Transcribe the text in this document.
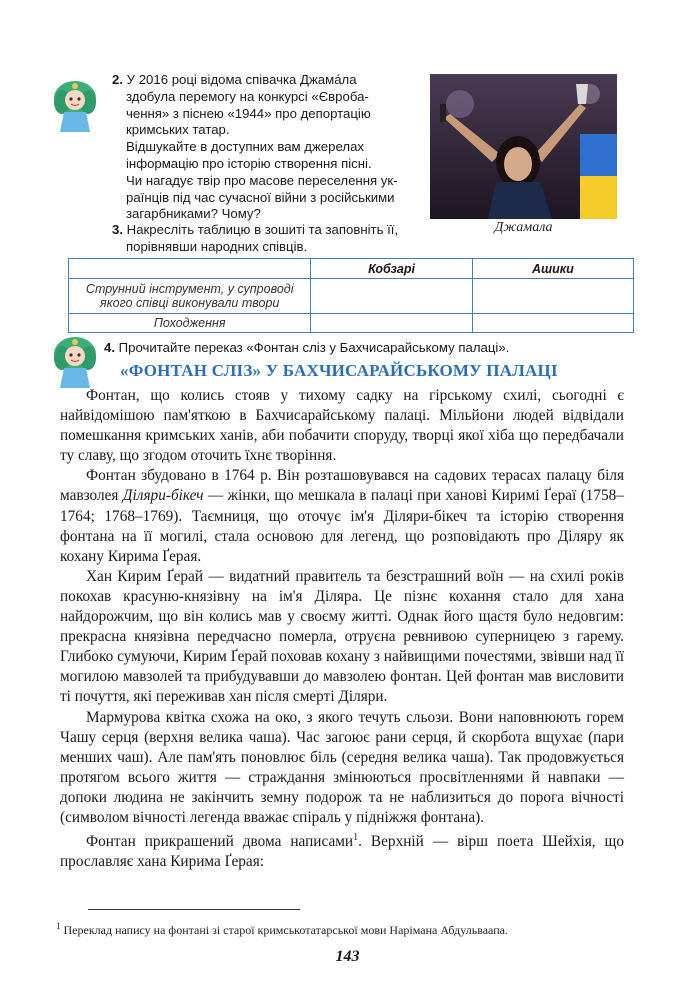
2. У 2016 році відома співачка Джама́ла

здобула перемогу на конкурсі «Євроба-

чення» з піснею «1944» про депортацію

кримських татар.

Відшукайте в доступних вам джерелах

інформацію про історію створення пісні.

Чи нагадує твір про масове переселення ук-

раїнців під час сучасної війни з російськими

загарбниками? Чому?

Джамала

3. Накресліть таблицю в зошиті та заповніть її,

порівнявши народних співців.

	Кобзарі	Ашики
Струнний інструмент, у супроводі якого співці виконували твори		
Походження		
4. Прочитайте переказ «Фонтан сліз у Бахчисарайському палаці».
«ФОНТАН СЛІЗ» У БАХЧИСАРАЙСЬКОМУ ПАЛАЦІ

Фонтан, що колись стояв у тихому садку на гірському схилі, сьогодні є найвідомішою пам'яткою в Бахчисарайському палаці. Мільйони людей відвідали помешкання кримських ханів, аби побачити споруду, творці якої хіба що передбачали ту славу, що згодом оточить їхнє творіння.

Фонтан збудовано в 1764 р. Він розташовувався на садових терасах палацу біля мавзолея Діляри-бікеч — жінки, що мешкала в палаці при ханові Киримі Ґераї (1758–1764; 1768–1769). Таємниця, що оточує ім'я Діляри-бікеч та історію створення фонтана на її могилі, стала основою для легенд, що розповідають про Діляру як кохану Кирима Ґерая.

Хан Кирим Ґерай — видатний правитель та безстрашний воїн — на схилі років покохав красуню-князівну на ім'я Діляра. Це пізнє кохання стало для хана найдорожчим, що він колись мав у своєму житті. Однак його щастя було недовгим: прекрасна князівна передчасно померла, отруєна ревнивою суперницею з гарему. Глибоко сумуючи, Кирим Ґерай поховав кохану з найвищими почестями, звівши над її могилою мавзолей та прибудувавши до мавзолею фонтан. Цей фонтан мав висловити ті почуття, які переживав хан після смерті Діляри.

Мармурова квітка схожа на око, з якого течуть сльози. Вони наповнюють горем Чашу серця (верхня велика чаша). Час загоює рани серця, й скорбота вщухає (пари менших чаш). Але пам'ять поновлює біль (середня велика чаша). Так продовжується протягом всього життя — страждання змінюються просвітленнями й навпаки — допоки людина не закінчить земну подорож та не наблизиться до порога вічності (символом вічності легенда вважає спіраль у підніжжя фонтана).

Фонтан прикрашений двома написами$^1$. Верхній — вірш поета Шейхія, що прославляє хана Кирима Ґерая:

$^1$ Переклад напису на фонтані зі старої кримськотатарської мови Нарімана Абдульваапа.
143
